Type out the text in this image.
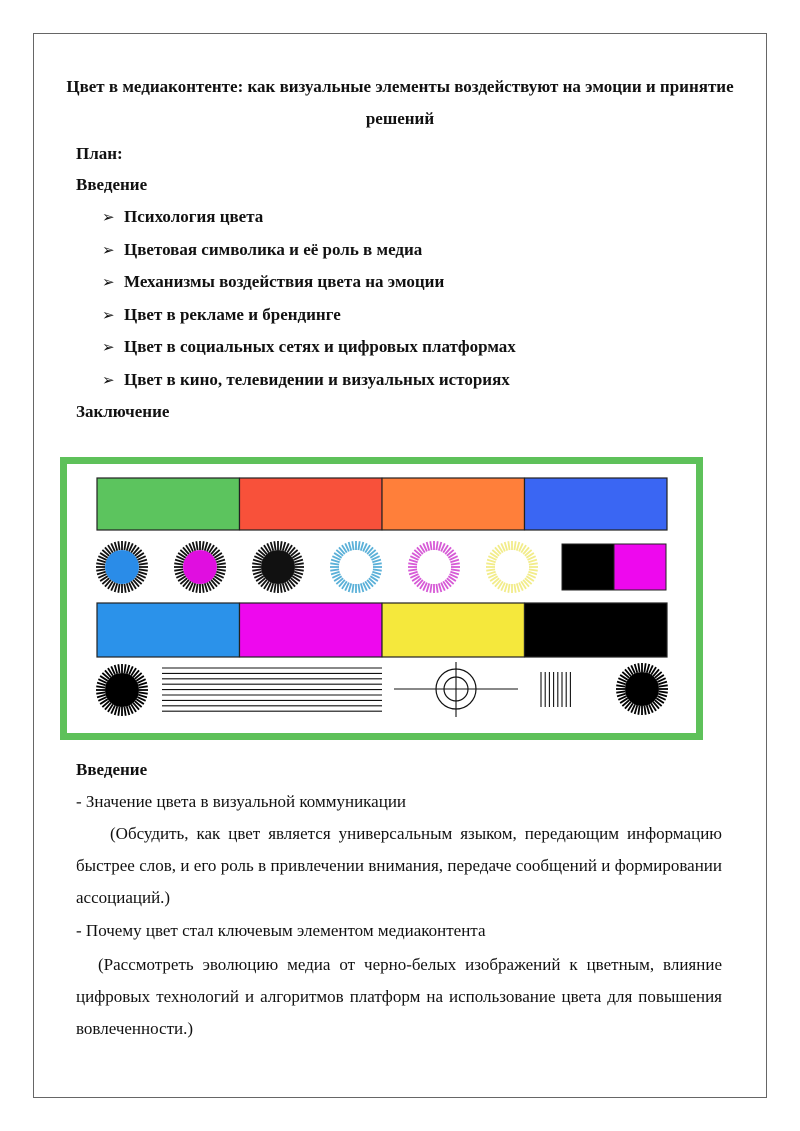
Цвет в медиаконтенте: как визуальные элементы воздействуют на эмоции и принятие решений
План:
Введение
➢ Психология цвета
➢ Цветовая символика и её роль в медиа
➢ Механизмы воздействия цвета на эмоции
➢ Цвет в рекламе и брендинге
➢ Цвет в социальных сетях и цифровых платформах
➢ Цвет в кино, телевидении и визуальных историях
Заключение
Введение
- Значение цвета в визуальной коммуникации
(Обсудить, как цвет является универсальным языком, передающим информацию быстрее слов, и его роль в привлечении внимания, передаче сообщений и формировании ассоциаций.)
- Почему цвет стал ключевым элементом медиаконтента
(Рассмотреть эволюцию медиа от черно-белых изображений к цветным, влияние цифровых технологий и алгоритмов платформ на использование цвета для повышения вовлеченности.)
